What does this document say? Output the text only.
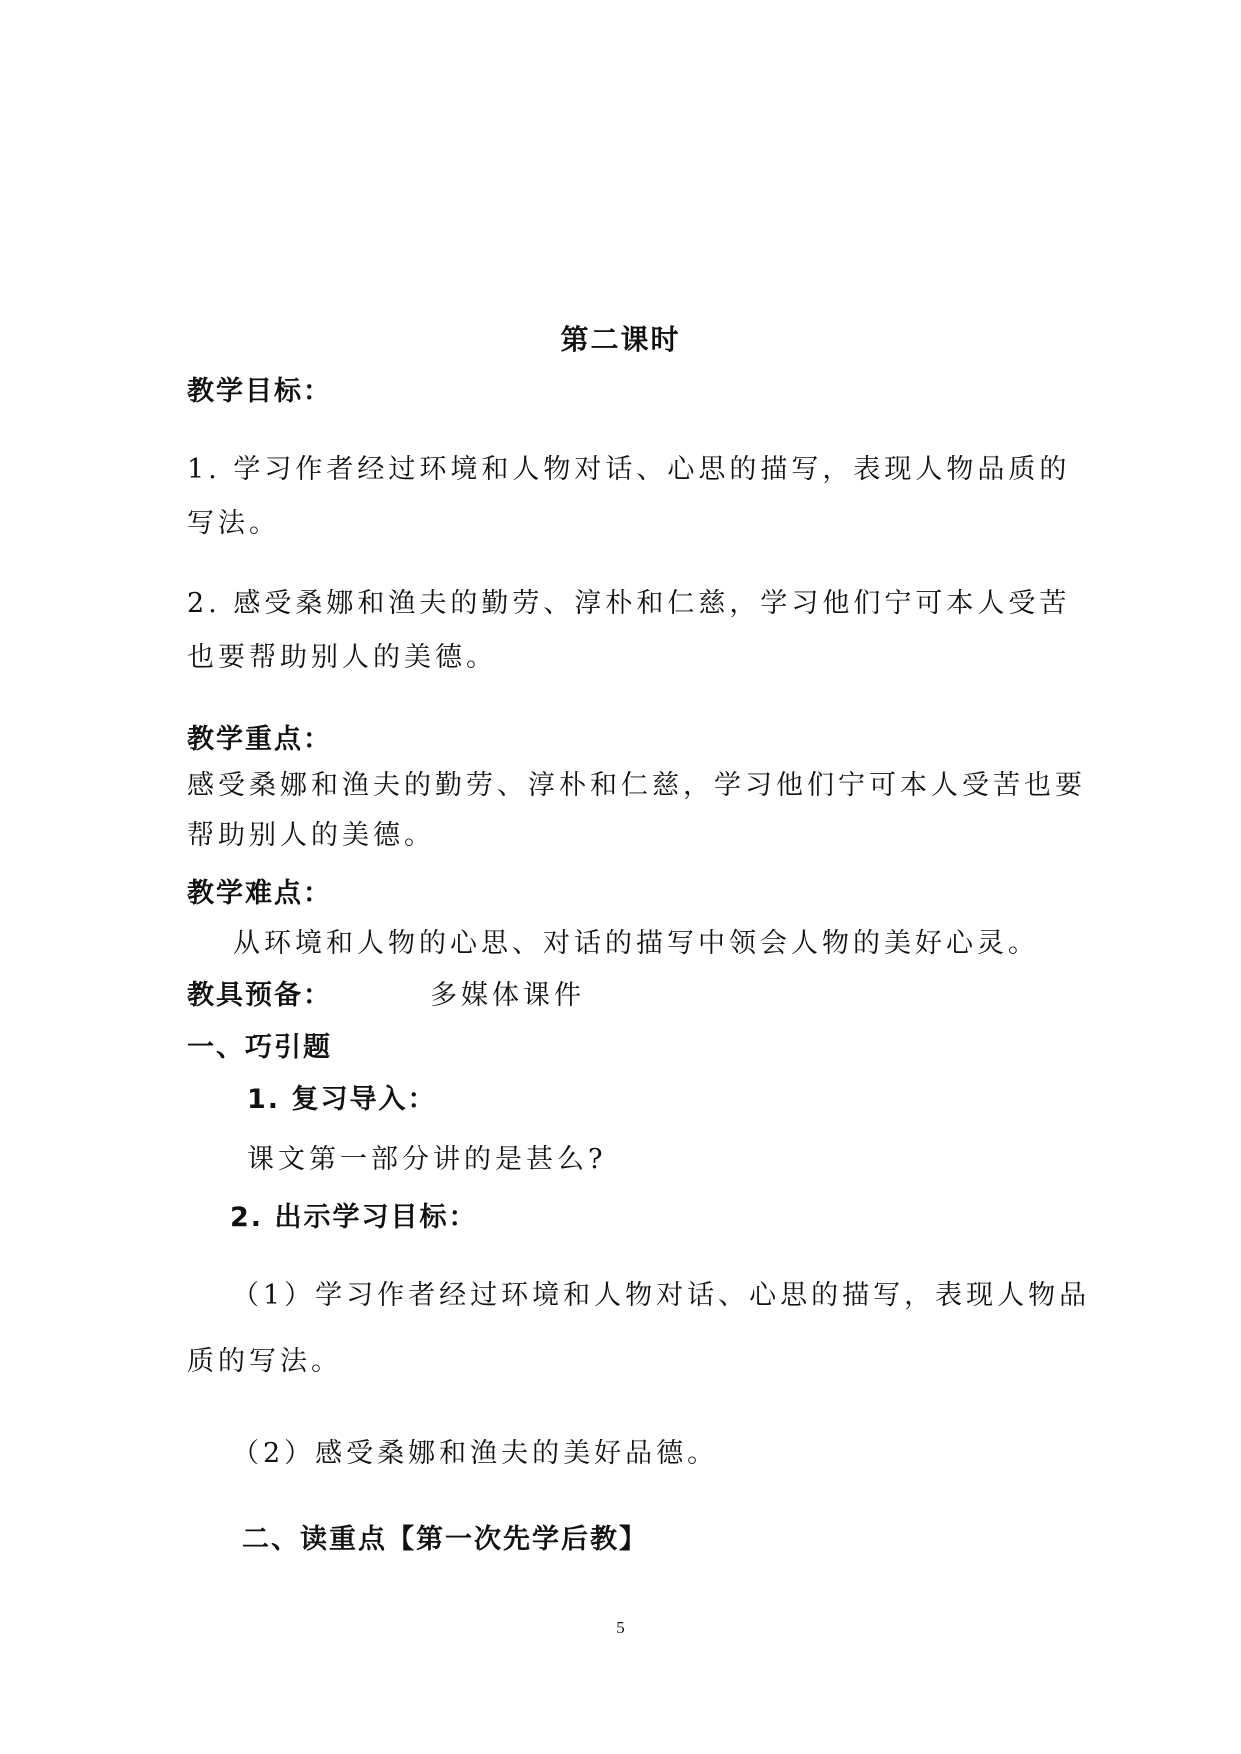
第二课时
教学目标：
1. 学习作者经过环境和人物对话、心思的描写，表现人物品质的
写法。
2. 感受桑娜和渔夫的勤劳、淳朴和仁慈，学习他们宁可本人受苦
也要帮助别人的美德。
教学重点：
感受桑娜和渔夫的勤劳、淳朴和仁慈，学习他们宁可本人受苦也要
帮助别人的美德。
教学难点：
从环境和人物的心思、对话的描写中领会人物的美好心灵。
教具预备：	多媒体课件
一、巧引题
1. 复习导入：
课文第一部分讲的是甚么?
2. 出示学习目标：
（1）学习作者经过环境和人物对话、心思的描写，表现人物品
质的写法。
（2）感受桑娜和渔夫的美好品德。
二、读重点【第一次先学后教】
5
